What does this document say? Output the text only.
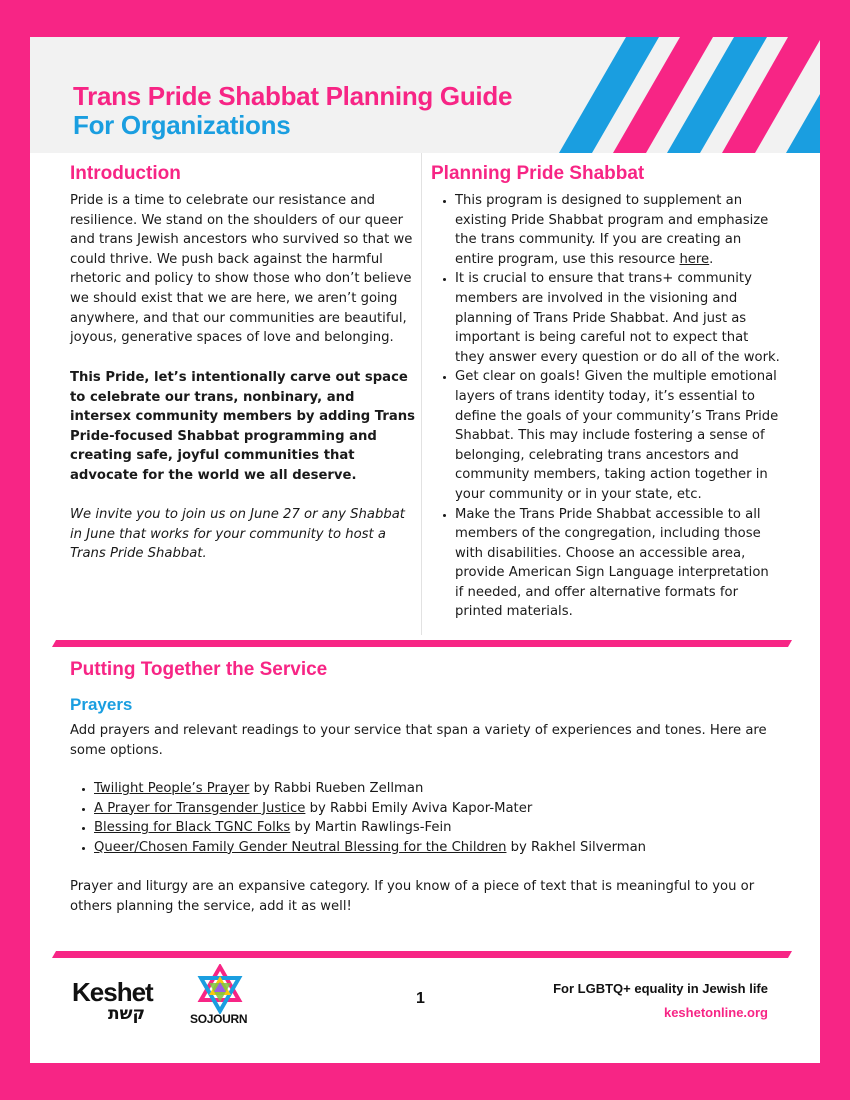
Trans Pride Shabbat Planning Guide
For Organizations
Introduction

Pride is a time to celebrate our resistance and resilience. We stand on the shoulders of our queer and trans Jewish ancestors who survived so that we could thrive. We push back against the harmful rhetoric and policy to show those who don’t believe we should exist that we are here, we aren’t going anywhere, and that our communities are beautiful, joyous, generative spaces of love and belonging.

This Pride, let’s intentionally carve out space to celebrate our trans, nonbinary, and intersex community members by adding Trans Pride-focused Shabbat programming and creating safe, joyful communities that advocate for the world we all deserve.

We invite you to join us on June 27 or any Shabbat in June that works for your community to host a Trans Pride Shabbat.

Planning Pride Shabbat
• This program is designed to supplement an existing Pride Shabbat program and emphasize the trans community. If you are creating an entire program, use this resource here.
• It is crucial to ensure that trans+ community members are involved in the visioning and planning of Trans Pride Shabbat. And just as important is being careful not to expect that they answer every question or do all of the work.
• Get clear on goals! Given the multiple emotional layers of trans identity today, it’s essential to define the goals of your community’s Trans Pride Shabbat. This may include fostering a sense of belonging, celebrating trans ancestors and community members, taking action together in your community or in your state, etc.
• Make the Trans Pride Shabbat accessible to all members of the congregation, including those with disabilities. Choose an accessible area, provide American Sign Language interpretation if needed, and offer alternative formats for printed materials.
Putting Together the Service
Prayers

Add prayers and relevant readings to your service that span a variety of experiences and tones. Here are some options.

• Twilight People’s Prayer by Rabbi Rueben Zellman
• A Prayer for Transgender Justice by Rabbi Emily Aviva Kapor-Mater
• Blessing for Black TGNC Folks by Martin Rawlings-Fein
• Queer/Chosen Family Gender Neutral Blessing for the Children by Rakhel Silverman

Prayer and liturgy are an expansive category. If you know of a piece of text that is meaningful to you or others planning the service, add it as well!

Keshet
קשת	SOJOURN
1
For LGBTQ+ equality in Jewish life
keshetonline.org
